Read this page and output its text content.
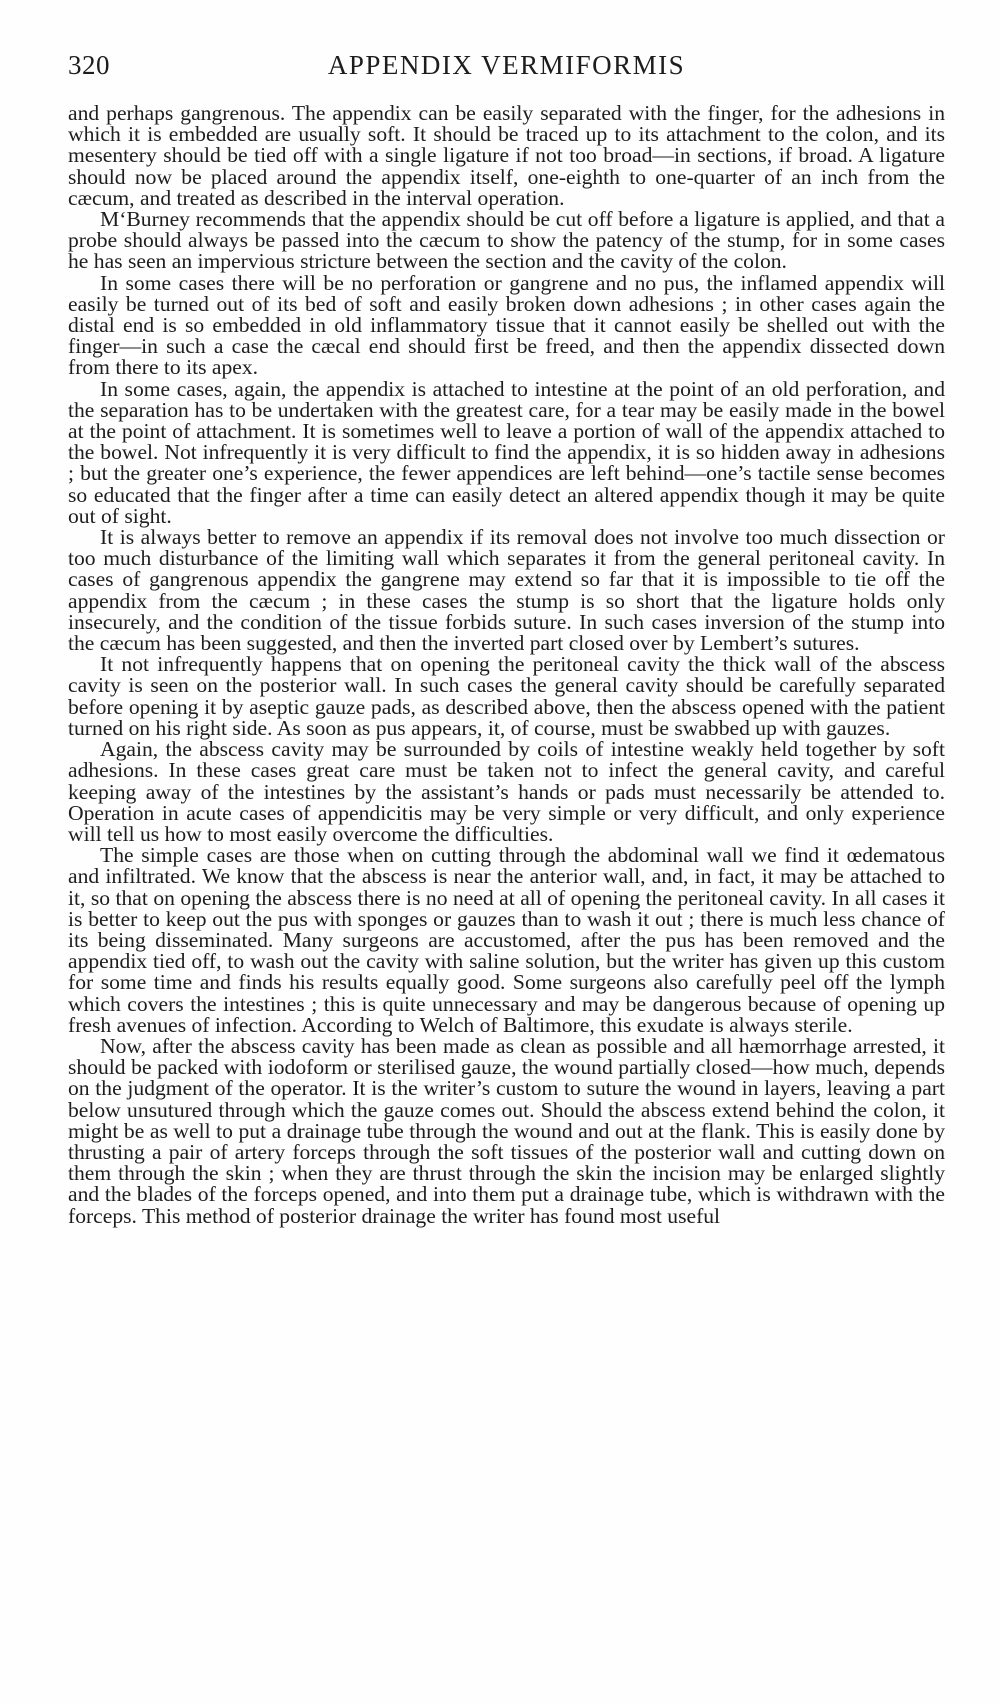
320	APPENDIX VERMIFORMIS

and perhaps gangrenous. The appendix can be easily separated with the finger, for the adhesions in which it is embedded are usually soft. It should be traced up to its attachment to the colon, and its mesentery should be tied off with a single ligature if not too broad—in sections, if broad. A ligature should now be placed around the appendix itself, one-eighth to one-quarter of an inch from the cæcum, and treated as described in the interval operation.

M‘Burney recommends that the appendix should be cut off before a ligature is applied, and that a probe should always be passed into the cæcum to show the patency of the stump, for in some cases he has seen an impervious stricture between the section and the cavity of the colon.

In some cases there will be no perforation or gangrene and no pus, the inflamed appendix will easily be turned out of its bed of soft and easily broken down adhesions ; in other cases again the distal end is so embedded in old inflammatory tissue that it cannot easily be shelled out with the finger—in such a case the cæcal end should first be freed, and then the appendix dissected down from there to its apex.

In some cases, again, the appendix is attached to intestine at the point of an old perforation, and the separation has to be undertaken with the greatest care, for a tear may be easily made in the bowel at the point of attachment. It is sometimes well to leave a portion of wall of the appendix attached to the bowel. Not infrequently it is very difficult to find the appendix, it is so hidden away in adhesions ; but the greater one’s experience, the fewer appendices are left behind—one’s tactile sense becomes so educated that the finger after a time can easily detect an altered appendix though it may be quite out of sight.

It is always better to remove an appendix if its removal does not involve too much dissection or too much disturbance of the limiting wall which separates it from the general peritoneal cavity. In cases of gangrenous appendix the gangrene may extend so far that it is impossible to tie off the appendix from the cæcum ; in these cases the stump is so short that the ligature holds only insecurely, and the condition of the tissue forbids suture. In such cases inversion of the stump into the cæcum has been suggested, and then the inverted part closed over by Lembert’s sutures.

It not infrequently happens that on opening the peritoneal cavity the thick wall of the abscess cavity is seen on the posterior wall. In such cases the general cavity should be carefully separated before opening it by aseptic gauze pads, as described above, then the abscess opened with the patient turned on his right side. As soon as pus appears, it, of course, must be swabbed up with gauzes.

Again, the abscess cavity may be surrounded by coils of intestine weakly held together by soft adhesions. In these cases great care must be taken not to infect the general cavity, and careful keeping away of the intestines by the assistant’s hands or pads must necessarily be attended to. Operation in acute cases of appendicitis may be very simple or very difficult, and only experience will tell us how to most easily overcome the difficulties.

The simple cases are those when on cutting through the abdominal wall we find it œdematous and infiltrated. We know that the abscess is near the anterior wall, and, in fact, it may be attached to it, so that on opening the abscess there is no need at all of opening the peritoneal cavity. In all cases it is better to keep out the pus with sponges or gauzes than to wash it out ; there is much less chance of its being disseminated. Many surgeons are accustomed, after the pus has been removed and the appendix tied off, to wash out the cavity with saline solution, but the writer has given up this custom for some time and finds his results equally good. Some surgeons also carefully peel off the lymph which covers the intestines ; this is quite unnecessary and may be dangerous because of opening up fresh avenues of infection. According to Welch of Baltimore, this exudate is always sterile.

Now, after the abscess cavity has been made as clean as possible and all hæmorrhage arrested, it should be packed with iodoform or sterilised gauze, the wound partially closed—how much, depends on the judgment of the operator. It is the writer’s custom to suture the wound in layers, leaving a part below unsutured through which the gauze comes out. Should the abscess extend behind the colon, it might be as well to put a drainage tube through the wound and out at the flank. This is easily done by thrusting a pair of artery forceps through the soft tissues of the posterior wall and cutting down on them through the skin ; when they are thrust through the skin the incision may be enlarged slightly and the blades of the forceps opened, and into them put a drainage tube, which is withdrawn with the forceps. This method of posterior drainage the writer has found most useful
